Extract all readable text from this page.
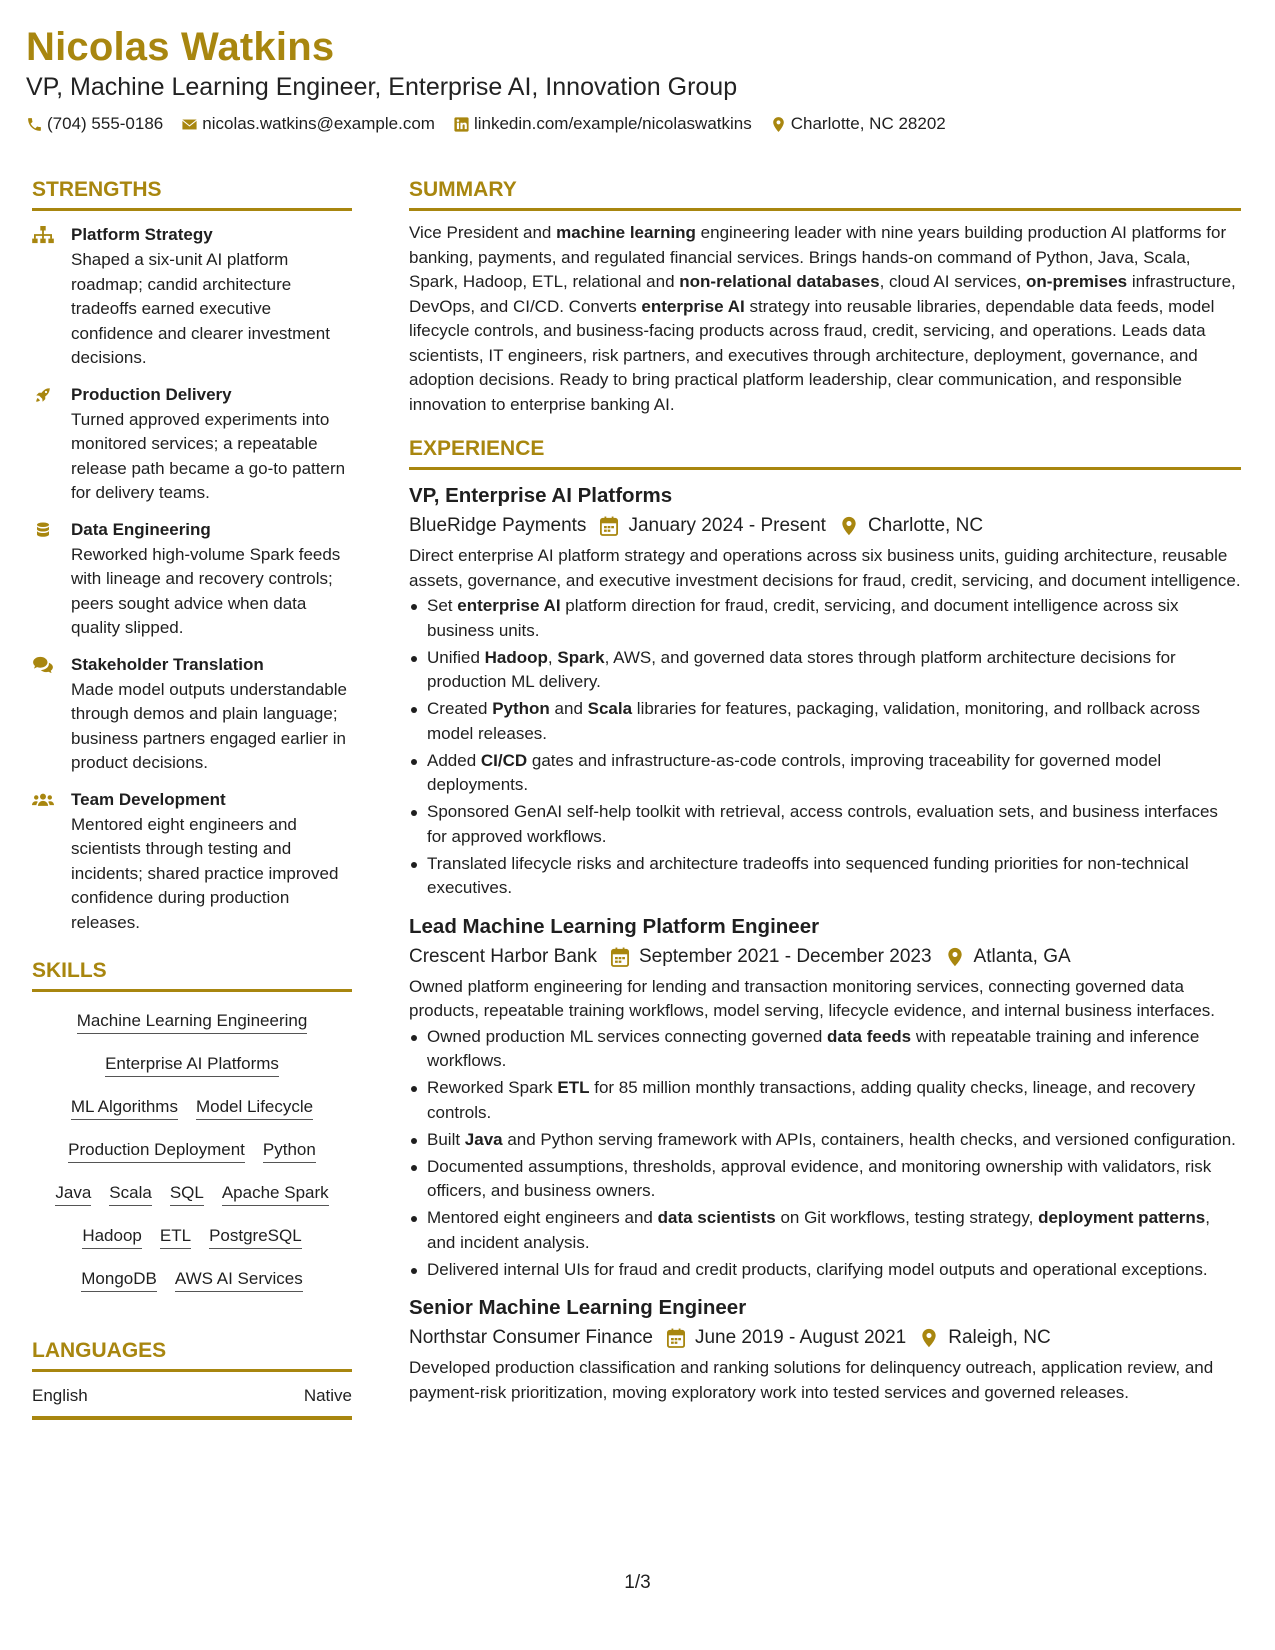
Nicolas Watkins
VP, Machine Learning Engineer, Enterprise AI, Innovation Group
(704) 555-0186 nicolas.watkins@example.com linkedin.com/example/nicolaswatkins Charlotte, NC 28202
STRENGTHS
Platform Strategy
Shaped a six-unit AI platform roadmap; candid architecture tradeoffs earned executive confidence and clearer investment decisions.
Production Delivery
Turned approved experiments into monitored services; a repeatable release path became a go-to pattern for delivery teams.
Data Engineering
Reworked high-volume Spark feeds with lineage and recovery controls; peers sought advice when data quality slipped.
Stakeholder Translation
Made model outputs understandable through demos and plain language; business partners engaged earlier in product decisions.
Team Development
Mentored eight engineers and scientists through testing and incidents; shared practice improved confidence during production releases.
SKILLS
Machine Learning Engineering
Enterprise AI Platforms
ML Algorithms Model Lifecycle
Production Deployment Python
Java Scala SQL Apache Spark
Hadoop ETL PostgreSQL
MongoDB AWS AI Services
LANGUAGES
English	Native
SUMMARY
Vice President and machine learning engineering leader with nine years building production AI platforms for banking, payments, and regulated financial services. Brings hands-on command of Python, Java, Scala, Spark, Hadoop, ETL, relational and non-relational databases, cloud AI services, on-premises infrastructure, DevOps, and CI/CD. Converts enterprise AI strategy into reusable libraries, dependable data feeds, model lifecycle controls, and business-facing products across fraud, credit, servicing, and operations. Leads data scientists, IT engineers, risk partners, and executives through architecture, deployment, governance, and adoption decisions. Ready to bring practical platform leadership, clear communication, and responsible innovation to enterprise banking AI.
EXPERIENCE
VP, Enterprise AI Platforms
BlueRidge Payments January 2024 - Present Charlotte, NC
Direct enterprise AI platform strategy and operations across six business units, guiding architecture, reusable assets, governance, and executive investment decisions for fraud, credit, servicing, and document intelligence.
Set enterprise AI platform direction for fraud, credit, servicing, and document intelligence across six business units.
Unified Hadoop, Spark, AWS, and governed data stores through platform architecture decisions for production ML delivery.
Created Python and Scala libraries for features, packaging, validation, monitoring, and rollback across model releases.
Added CI/CD gates and infrastructure-as-code controls, improving traceability for governed model deployments.
Sponsored GenAI self-help toolkit with retrieval, access controls, evaluation sets, and business interfaces for approved workflows.
Translated lifecycle risks and architecture tradeoffs into sequenced funding priorities for non-technical executives.
Lead Machine Learning Platform Engineer
Crescent Harbor Bank September 2021 - December 2023 Atlanta, GA
Owned platform engineering for lending and transaction monitoring services, connecting governed data products, repeatable training workflows, model serving, lifecycle evidence, and internal business interfaces.
Owned production ML services connecting governed data feeds with repeatable training and inference workflows.
Reworked Spark ETL for 85 million monthly transactions, adding quality checks, lineage, and recovery controls.
Built Java and Python serving framework with APIs, containers, health checks, and versioned configuration.
Documented assumptions, thresholds, approval evidence, and monitoring ownership with validators, risk officers, and business owners.
Mentored eight engineers and data scientists on Git workflows, testing strategy, deployment patterns, and incident analysis.
Delivered internal UIs for fraud and credit products, clarifying model outputs and operational exceptions.
Senior Machine Learning Engineer
Northstar Consumer Finance June 2019 - August 2021 Raleigh, NC
Developed production classification and ranking solutions for delinquency outreach, application review, and payment-risk prioritization, moving exploratory work into tested services and governed releases.
1/3
